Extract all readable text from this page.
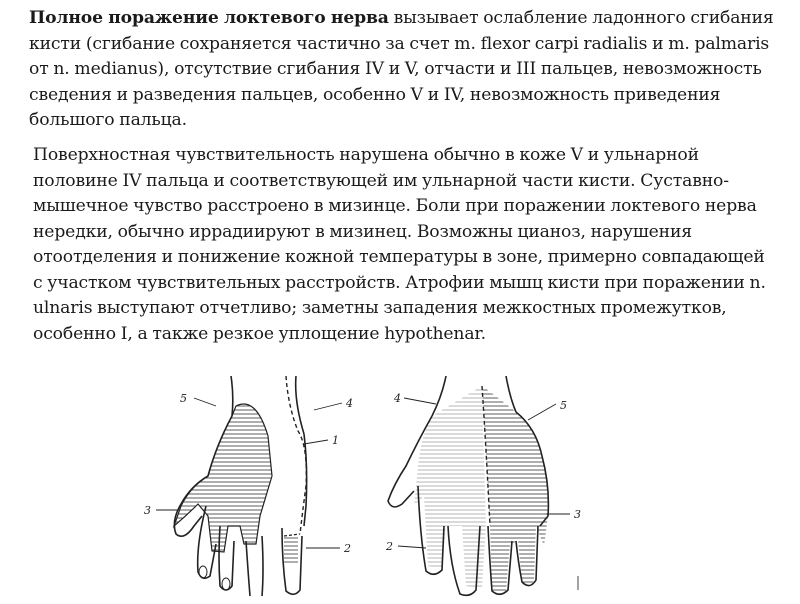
Полное поражение локтевого нерва вызывает ослабление ладонного сгибания кисти (сгибание сохраняется частично за счет m. flexor carpi radialis и m. palmaris от n. medianus), отсутствие сгибания IV и V, отчасти и III пальцев, невозможность сведения и разведения пальцев, особенно V и IV, невозможность приведения большого пальца.

Поверхностная чувствительность нарушена обычно в коже V и ульнарной половине IV пальца и соответствующей им ульнарной части кисти. Суставно-мышечное чувство расстроено в мизинце. Боли при поражении локтевого нерва нередки, обычно иррадиируют в мизинец. Возможны цианоз, нарушения отоотделения и понижение кожной температуры в зоне, примерно совпадающей с участком чувствительных расстройств. Атрофии мышц кисти при поражении n. ulnaris выступают отчетливо; заметны западения межкостных промежутков, особенно I, а также резкое уплощение hypothenar.

5	4
1
3
2
4
5
3
2
